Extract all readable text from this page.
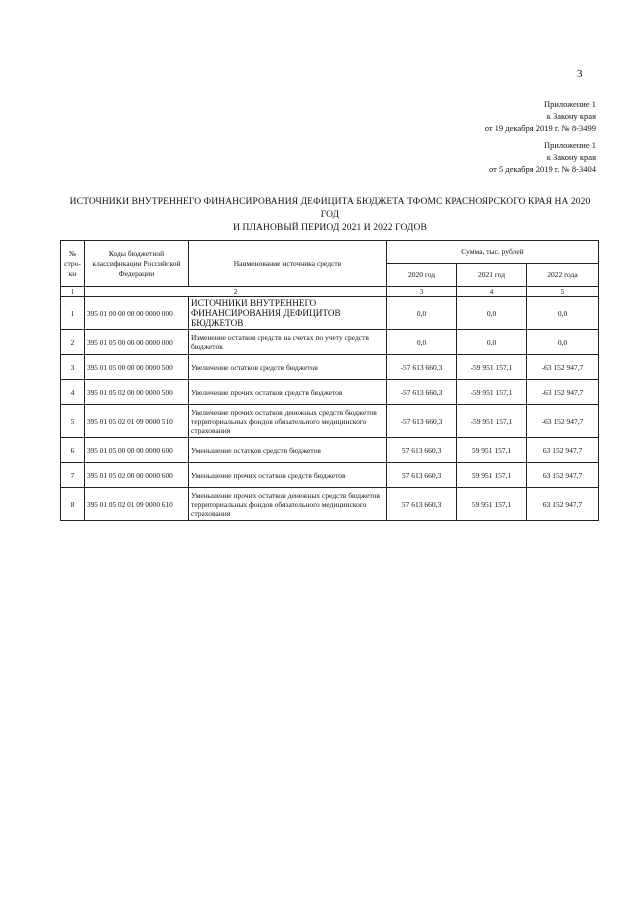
3
Приложение 1
к Закону края
от 19 декабря 2019 г. № 8-3499
Приложение 1
к Закону края
от 5 декабря 2019 г. № 8-3404
ИСТОЧНИКИ ВНУТРЕННЕГО ФИНАНСИРОВАНИЯ ДЕФИЦИТА БЮДЖЕТА ТФОМС КРАСНОЯРСКОГО КРАЯ НА 2020 ГОД
И ПЛАНОВЫЙ ПЕРИОД 2021 И 2022 ГОДОВ
№ стро-ки	Коды бюджетной классификации Российской Федерации	Наименование источника средств	Сумма, тыс. рублей		
			2020 год	2021 год	2022 года
1	2		3	4	5
1	395 01 00 00 00 00 0000 000	ИСТОЧНИКИ ВНУТРЕННЕГО ФИНАНСИРОВАНИЯ ДЕФИЦИТОВ БЮДЖЕТОВ	0,0	0,0	0,0
2	395 01 05 00 00 00 0000 000	Изменение остатков средств на счетах по учету средств бюджетов	0,0	0,0	0,0
3	395 01 05 00 00 00 0000 500	Увеличение остатков средств бюджетов	-57 613 660,3	-59 951 157,1	-63 152 947,7
4	395 01 05 02 00 00 0000 500	Увеличение прочих остатков средств бюджетов	-57 613 660,3	-59 951 157,1	-63 152 947,7
5	395 01 05 02 01 09 0000 510	Увеличение прочих остатков денежных средств бюджетов территориальных фондов обязательного медицинского страхования	-57 613 660,3	-59 951 157,1	-63 152 947,7
6	395 01 05 00 00 00 0000 600	Уменьшение остатков средств бюджетов	57 613 660,3	59 951 157,1	63 152 947,7
7	395 01 05 02 00 00 0000 600	Уменьшение прочих остатков средств бюджетов	57 613 660,3	59 951 157,1	63 152 947,7
8	395 01 05 02 01 09 0000 610	Уменьшение прочих остатков денежных средств бюджетов территориальных фондов обязательного медицинского страхования	57 613 660,3	59 951 157,1	63 152 947,7
